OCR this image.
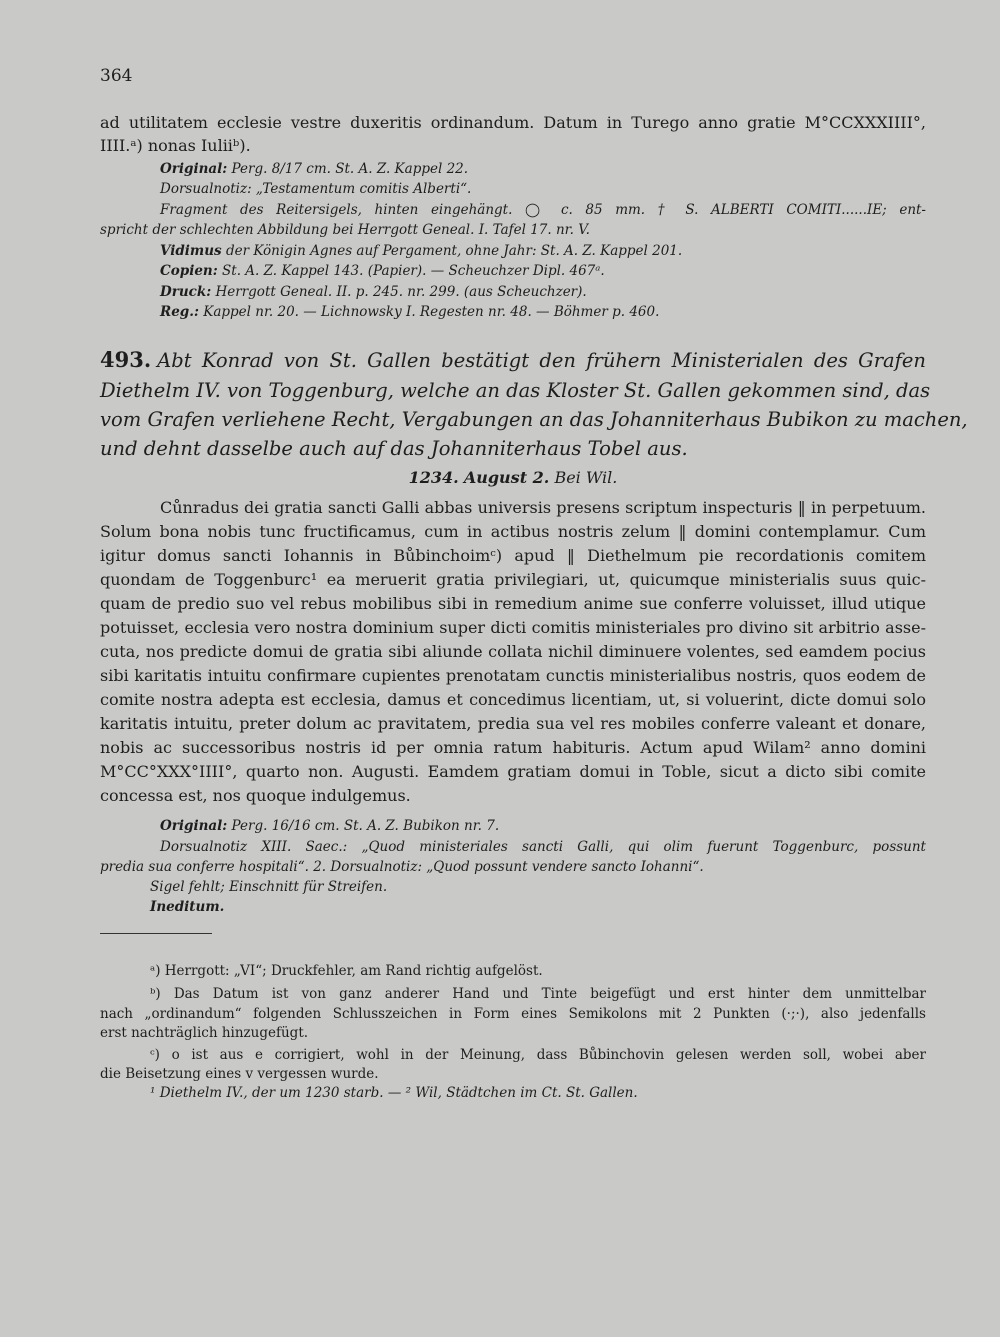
364
ad utilitatem ecclesie vestre duxeritis ordinandum. Datum in Turego anno gratie M°CCXXXIIII°,
IIII.ᵃ) nonas Iuliiᵇ).
Original: Perg. 8/17 cm. St. A. Z. Kappel 22.
Dorsualnotiz: „Testamentum comitis Alberti“.
Fragment des Reitersigels, hinten eingehängt. ◯ c. 85 mm. † S. ALBERTI COMITI......IE; ent-
spricht der schlechten Abbildung bei Herrgott Geneal. I. Tafel 17. nr. V.
Vidimus der Königin Agnes auf Pergament, ohne Jahr: St. A. Z. Kappel 201.
Copien: St. A. Z. Kappel 143. (Papier). — Scheuchzer Dipl. 467ᵃ.
Druck: Herrgott Geneal. II. p. 245. nr. 299. (aus Scheuchzer).
Reg.: Kappel nr. 20. — Lichnowsky I. Regesten nr. 48. — Böhmer p. 460.
493. Abt Konrad von St. Gallen bestätigt den frühern Ministerialen des Grafen
Diethelm IV. von Toggenburg, welche an das Kloster St. Gallen gekommen sind, das
vom Grafen verliehene Recht, Vergabungen an das Johanniterhaus Bubikon zu machen,
und dehnt dasselbe auch auf das Johanniterhaus Tobel aus.
1234. August 2. Bei Wil.
Cůnradus dei gratia sancti Galli abbas universis presens scriptum inspecturis ‖ in perpetuum.
Solum bona nobis tunc fructificamus, cum in actibus nostris zelum ‖ domini contemplamur. Cum
igitur domus sancti Iohannis in Bůbinchoimᶜ) apud ‖ Diethelmum pie recordationis comitem
quondam de Toggenburc¹ ea meruerit gratia privilegiari, ut, quicumque ministerialis suus quic-
quam de predio suo vel rebus mobilibus sibi in remedium anime sue conferre voluisset, illud utique
potuisset, ecclesia vero nostra dominium super dicti comitis ministeriales pro divino sit arbitrio asse-
cuta, nos predicte domui de gratia sibi aliunde collata nichil diminuere volentes, sed eamdem pocius
sibi karitatis intuitu confirmare cupientes prenotatam cunctis ministerialibus nostris, quos eodem de
comite nostra adepta est ecclesia, damus et concedimus licentiam, ut, si voluerint, dicte domui solo
karitatis intuitu, preter dolum ac pravitatem, predia sua vel res mobiles conferre valeant et donare,
nobis ac successoribus nostris id per omnia ratum habituris. Actum apud Wilam² anno domini
M°CC°XXX°IIII°, quarto non. Augusti. Eamdem gratiam domui in Toble, sicut a dicto sibi comite
concessa est, nos quoque indulgemus.
Original: Perg. 16/16 cm. St. A. Z. Bubikon nr. 7.
Dorsualnotiz XIII. Saec.: „Quod ministeriales sancti Galli, qui olim fuerunt Toggenburc, possunt
predia sua conferre hospitali“. 2. Dorsualnotiz: „Quod possunt vendere sancto Iohanni“.
Sigel fehlt; Einschnitt für Streifen.
Ineditum.
ᵃ) Herrgott: „VI“; Druckfehler, am Rand richtig aufgelöst.
ᵇ) Das Datum ist von ganz anderer Hand und Tinte beigefügt und erst hinter dem unmittelbar
nach „ordinandum“ folgenden Schlusszeichen in Form eines Semikolons mit 2 Punkten (·;·), also jedenfalls
erst nachträglich hinzugefügt.
ᶜ) o ist aus e corrigiert, wohl in der Meinung, dass Bůbinchovin gelesen werden soll, wobei aber
die Beisetzung eines v vergessen wurde.
¹ Diethelm IV., der um 1230 starb. — ² Wil, Städtchen im Ct. St. Gallen.
